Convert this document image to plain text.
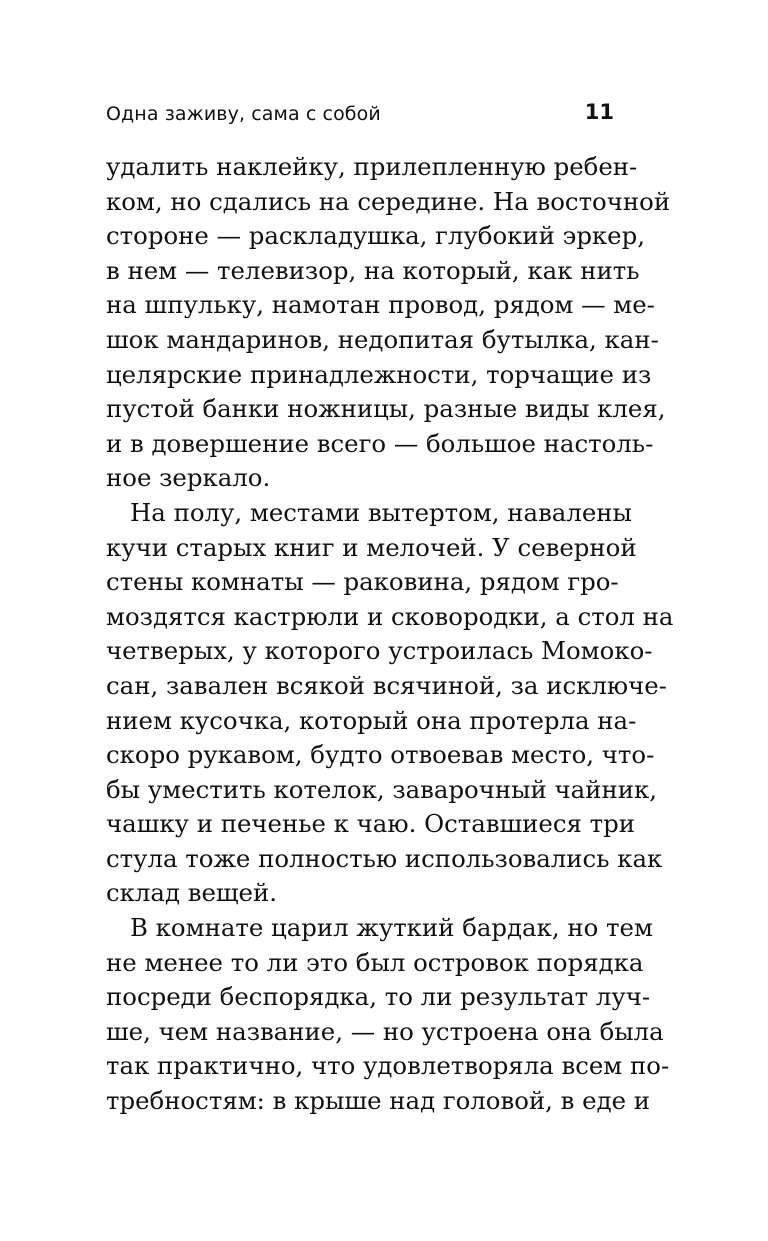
Одна заживу, сама с собой	11
удалить наклейку, прилепленную ребен-
ком, но сдались на середине. На восточной
стороне — раскладушка, глубокий эркер,
в нем — телевизор, на который, как нить
на шпульку, намотан провод, рядом — ме-
шок мандаринов, недопитая бутылка, кан-
целярские принадлежности, торчащие из
пустой банки ножницы, разные виды клея,
и в довершение всего — большое настоль-
ное зеркало.
На полу, местами вытертом, навалены
кучи старых книг и мелочей. У северной
стены комнаты — раковина, рядом гро-
моздятся кастрюли и сковородки, а стол на
четверых, у которого устроилась Момоко-
сан, завален всякой всячиной, за исключе-
нием кусочка, который она протерла на-
скоро рукавом, будто отвоевав место, что-
бы уместить котелок, заварочный чайник,
чашку и печенье к чаю. Оставшиеся три
стула тоже полностью использовались как
склад вещей.
В комнате царил жуткий бардак, но тем
не менее то ли это был островок порядка
посреди беспорядка, то ли результат луч-
ше, чем название, — но устроена она была
так практично, что удовлетворяла всем по-
требностям: в крыше над головой, в еде и
